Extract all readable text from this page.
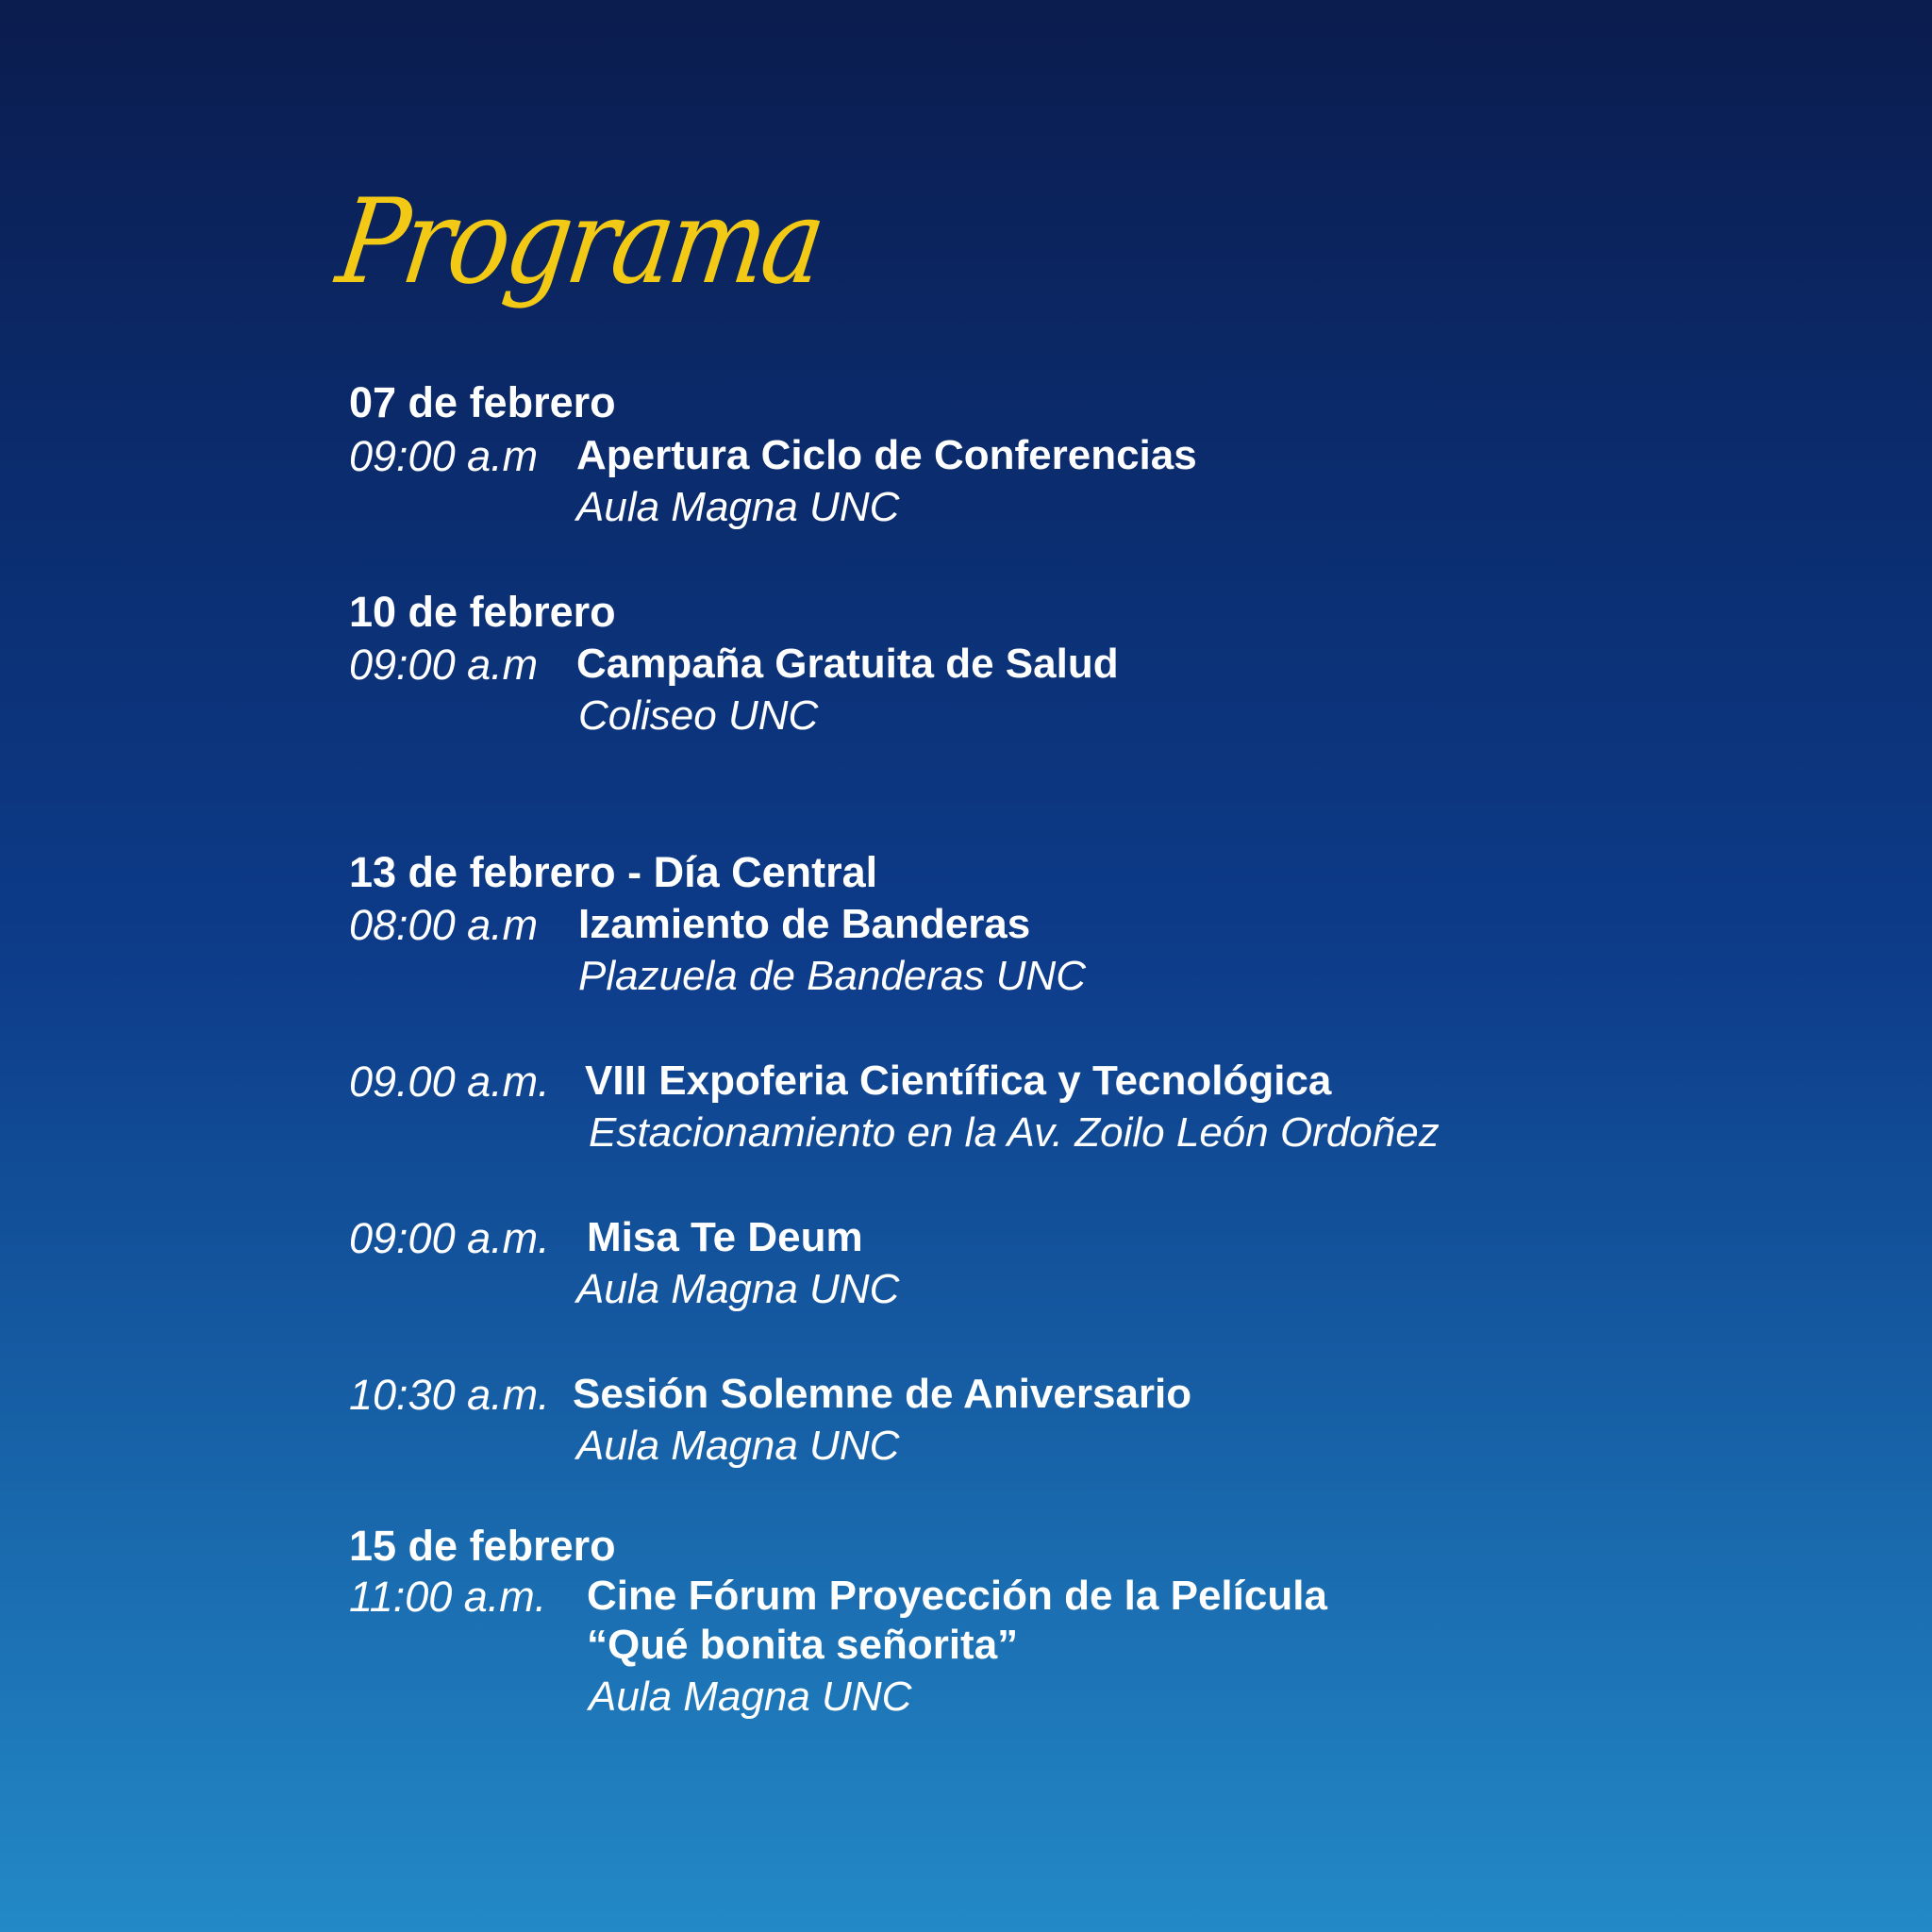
Programa
07 de febrero
09:00 a.m Apertura Ciclo de Conferencias
Aula Magna UNC
10 de febrero
09:00 a.m Campaña Gratuita de Salud
Coliseo UNC
13 de febrero - Día Central
08:00 a.m Izamiento de Banderas
Plazuela de Banderas UNC
09.00 a.m. VIII Expoferia Científica y Tecnológica
Estacionamiento en la Av. Zoilo León Ordoñez
09:00 a.m. Misa Te Deum
Aula Magna UNC
10:30 a.m. Sesión Solemne de Aniversario
Aula Magna UNC
15 de febrero
11:00 a.m. Cine Fórum Proyección de la Película
“Qué bonita señorita”
Aula Magna UNC
